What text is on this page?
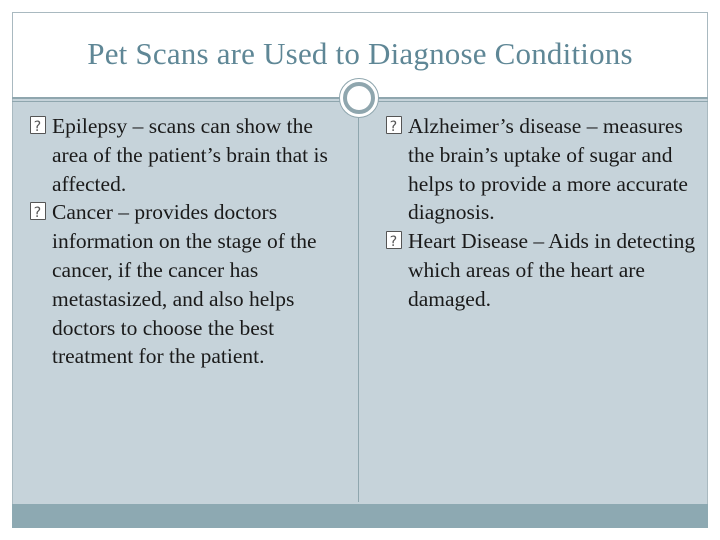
Pet Scans are Used to Diagnose Conditions
?
Epilepsy – scans can show the area of the patient’s brain that is affected.
?
Cancer – provides doctors information on the stage of the cancer, if the cancer has metastasized, and also helps doctors to choose the best treatment for the patient.
?
Alzheimer’s disease – measures the brain’s uptake of sugar and helps to provide a more accurate diagnosis.
?
Heart Disease – Aids in detecting which areas of the heart are damaged.
